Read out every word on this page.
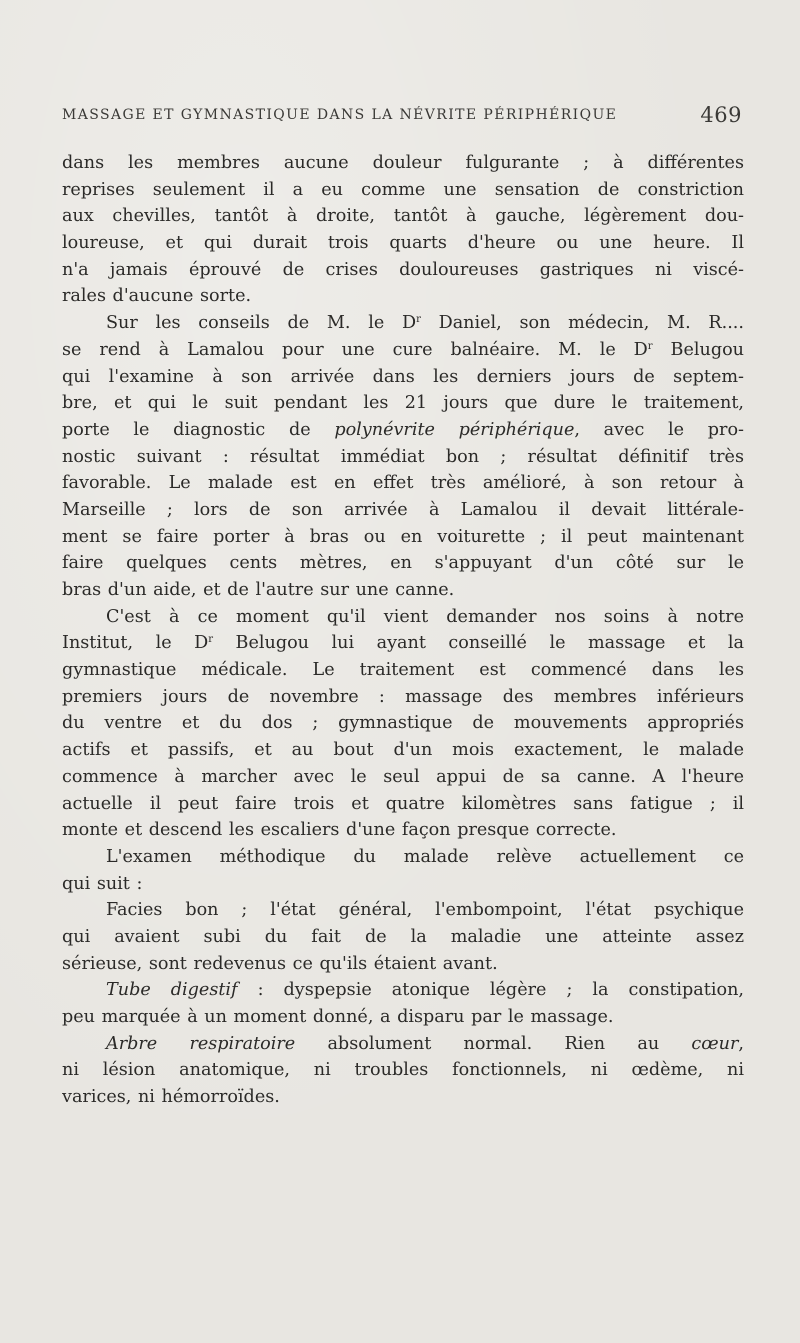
MASSAGE ET GYMNASTIQUE DANS LA NÉVRITE PÉRIPHÉRIQUE	469
dans les membres aucune douleur fulgurante ; à différentes
reprises seulement il a eu comme une sensation de constriction
aux chevilles, tantôt à droite, tantôt à gauche, légèrement dou-
loureuse, et qui durait trois quarts d'heure ou une heure. Il
n'a jamais éprouvé de crises douloureuses gastriques ni viscé-
rales d'aucune sorte.
Sur les conseils de M. le $D^r$ Daniel, son médecin, M. R....
se rend à Lamalou pour une cure balnéaire. M. le $D^r$ Belugou
qui l'examine à son arrivée dans les derniers jours de septem-
bre, et qui le suit pendant les 21 jours que dure le traitement,
porte le diagnostic de polynévrite périphérique, avec le pro-
nostic suivant : résultat immédiat bon ; résultat définitif très
favorable. Le malade est en effet très amélioré, à son retour à
Marseille ; lors de son arrivée à Lamalou il devait littérale-
ment se faire porter à bras ou en voiturette ; il peut maintenant
faire quelques cents mètres, en s'appuyant d'un côté sur le
bras d'un aide, et de l'autre sur une canne.
C'est à ce moment qu'il vient demander nos soins à notre
Institut, le $D^r$ Belugou lui ayant conseillé le massage et la
gymnastique médicale. Le traitement est commencé dans les
premiers jours de novembre : massage des membres inférieurs
du ventre et du dos ; gymnastique de mouvements appropriés
actifs et passifs, et au bout d'un mois exactement, le malade
commence à marcher avec le seul appui de sa canne. A l'heure
actuelle il peut faire trois et quatre kilomètres sans fatigue ; il
monte et descend les escaliers d'une façon presque correcte.
L'examen méthodique du malade relève actuellement ce
qui suit :
Facies bon ; l'état général, l'embompoint, l'état psychique
qui avaient subi du fait de la maladie une atteinte assez
sérieuse, sont redevenus ce qu'ils étaient avant.
Tube digestif : dyspepsie atonique légère ; la constipation,
peu marquée à un moment donné, a disparu par le massage.
Arbre respiratoire absolument normal. Rien au cœur,
ni lésion anatomique, ni troubles fonctionnels, ni œdème, ni
varices, ni hémorroïdes.
